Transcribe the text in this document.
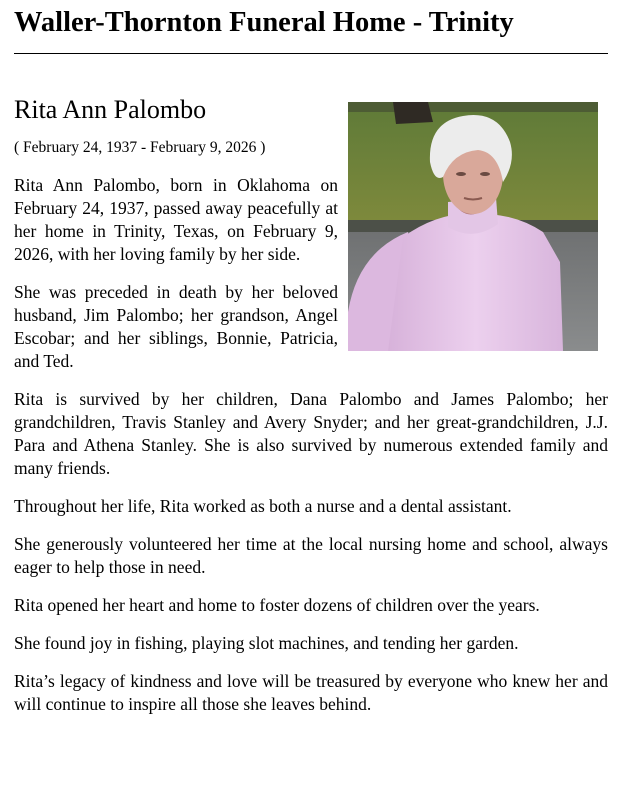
Waller-Thornton Funeral Home - Trinity
Rita Ann Palombo
( February 24, 1937 - February 9, 2026 )

Rita Ann Palombo, born in Oklahoma on February 24, 1937, passed away peacefully at her home in Trinity, Texas, on February 9, 2026, with her loving family by her side.

She was preceded in death by her beloved husband, Jim Palombo; her grandson, Angel Escobar; and her siblings, Bonnie, Patricia, and Ted.

Rita is survived by her children, Dana Palombo and James Palombo; her grandchildren, Travis Stanley and Avery Snyder; and her great-grandchildren, J.J. Para and Athena Stanley. She is also survived by numerous extended family and many friends.

Throughout her life, Rita worked as both a nurse and a dental assistant.

She generously volunteered her time at the local nursing home and school, always eager to help those in need.

Rita opened her heart and home to foster dozens of children over the years.

She found joy in fishing, playing slot machines, and tending her garden.

Rita’s legacy of kindness and love will be treasured by everyone who knew her and will continue to inspire all those she leaves behind.
